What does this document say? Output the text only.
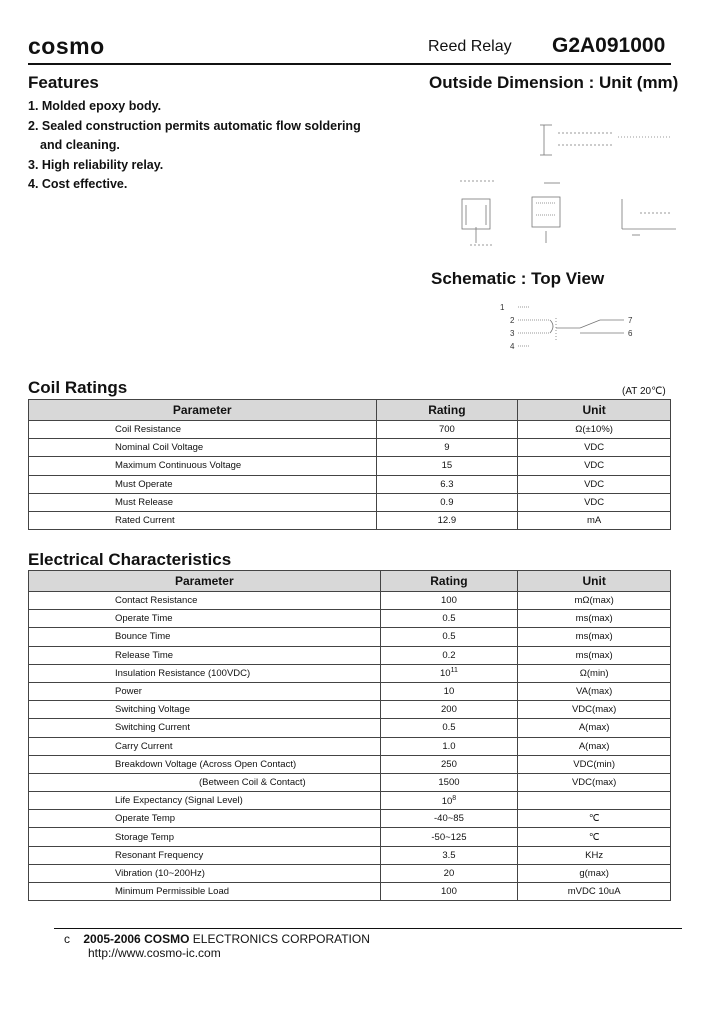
cosmo	Reed Relay G2A091000
Features
1. Molded epoxy body.
2. Sealed construction permits automatic flow soldering
and cleaning.
3. High reliability relay.
4. Cost effective.
Outside Dimension : Unit (mm)
Schematic : Top View
1
2
3
4
7
6
Coil Ratings	(AT 20℃)
Parameter	Rating	Unit
Coil Resistance	700	Ω(±10%)
Nominal Coil Voltage	9	VDC
Maximum Continuous Voltage	15	VDC
Must Operate	6.3	VDC
Must Release	0.9	VDC
Rated Current	12.9	mA
Electrical Characteristics
Parameter	Rating	Unit
Contact Resistance	100	mΩ(max)
Operate Time	0.5	ms(max)
Bounce Time	0.5	ms(max)
Release Time	0.2	ms(max)
Insulation Resistance (100VDC)	$10^{11}$	Ω(min)
Power	10	VA(max)
Switching Voltage	200	VDC(max)
Switching Current	0.5	A(max)
Carry Current	1.0	A(max)
Breakdown Voltage (Across Open Contact)	250	VDC(min)
(Between Coil & Contact)	1500	VDC(max)
Life Expectancy (Signal Level)	$10^8$	
Operate Temp	-40~85	℃
Storage Temp	-50~125	℃
Resonant Frequency	3.5	KHz
Vibration (10~200Hz)	20	g(max)
Minimum Permissible Load	100	mVDC 10uA
c 2005-2006 COSMO ELECTRONICS CORPORATION
http://www.cosmo-ic.com
